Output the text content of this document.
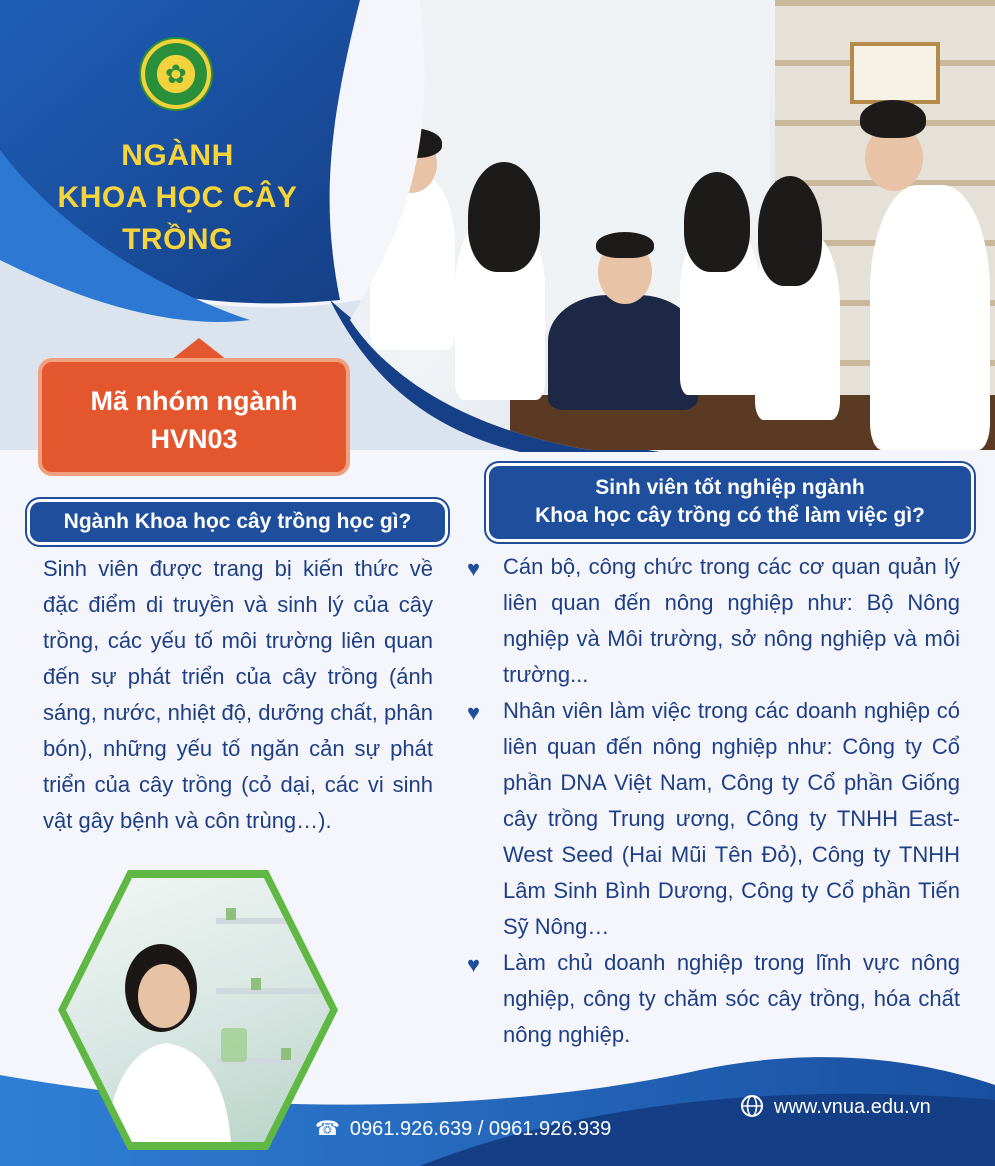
✿
NGÀNH
KHOA HỌC CÂY TRỒNG
Mã nhóm ngành
HVN03
Ngành Khoa học cây trồng học gì?

Sinh viên được trang bị kiến thức về đặc điểm di truyền và sinh lý của cây trồng, các yếu tố môi trường liên quan đến sự phát triển của cây trồng (ánh sáng, nước, nhiệt độ, dưỡng chất, phân bón), những yếu tố ngăn cản sự phát triển của cây trồng (cỏ dại, các vi sinh vật gây bệnh và côn trùng…).

Sinh viên tốt nghiệp ngành
Khoa học cây trồng có thể làm việc gì?
♥ Cán bộ, công chức trong các cơ quan quản lý liên quan đến nông nghiệp như: Bộ Nông nghiệp và Môi trường, sở nông nghiệp và môi trường...
♥ Nhân viên làm việc trong các doanh nghiệp có liên quan đến nông nghiệp như: Công ty Cổ phần DNA Việt Nam, Công ty Cổ phần Giống cây trồng Trung ương, Công ty TNHH East-West Seed (Hai Mũi Tên Đỏ), Công ty TNHH Lâm Sinh Bình Dương, Công ty Cổ phần Tiến Sỹ Nông…
♥ Làm chủ doanh nghiệp trong lĩnh vực nông nghiệp, công ty chăm sóc cây trồng, hóa chất nông nghiệp.
www.vnua.edu.vn
☎ 0961.926.639 / 0961.926.939
